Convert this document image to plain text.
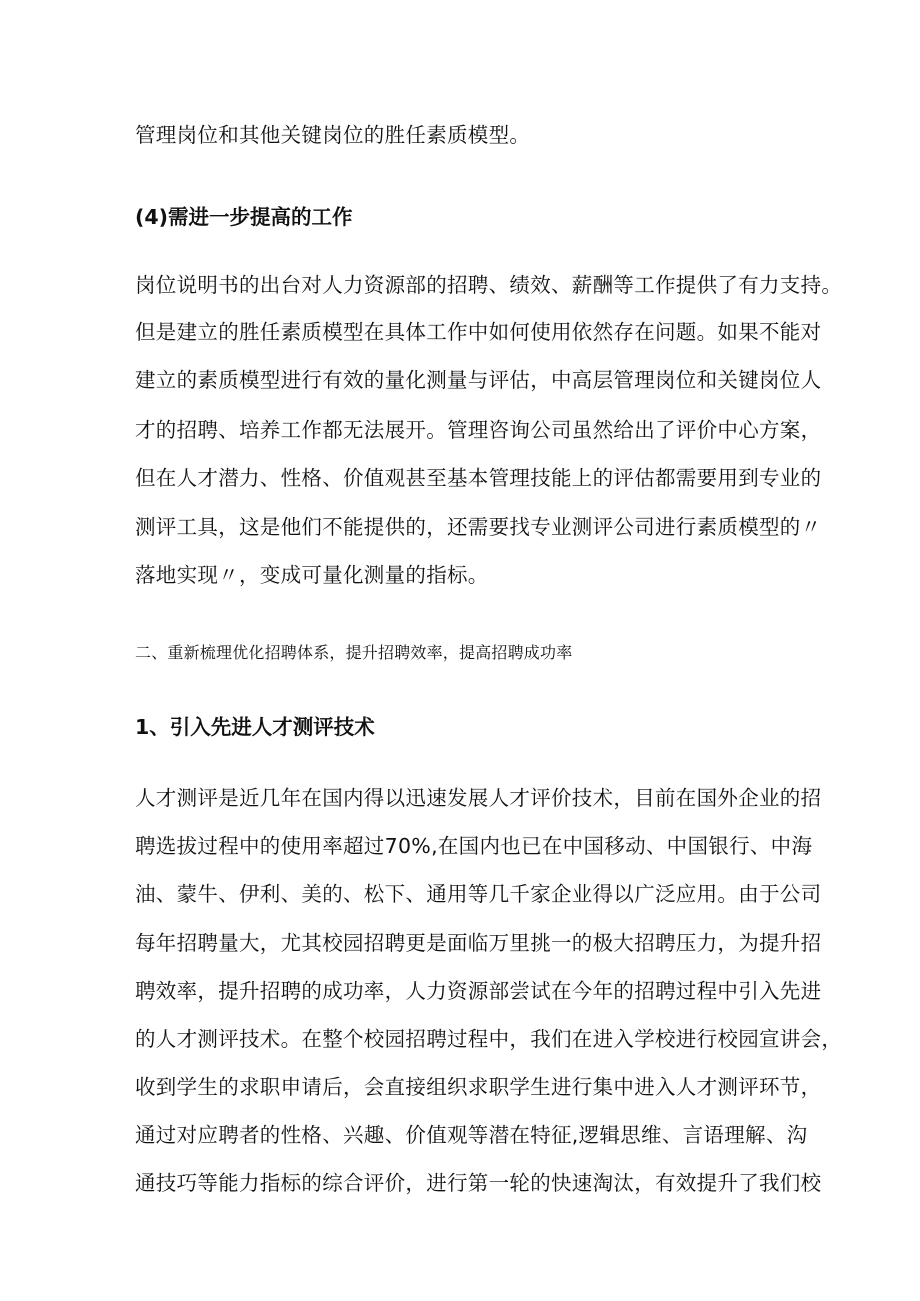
管理岗位和其他关键岗位的胜任素质模型。

(4)需进一步提高的工作

岗位说明书的出台对人力资源部的招聘、绩效、薪酬等工作提供了有力支持。

但是建立的胜任素质模型在具体工作中如何使用依然存在问题。如果不能对

建立的素质模型进行有效的量化测量与评估，中高层管理岗位和关键岗位人

才的招聘、培养工作都无法展开。管理咨询公司虽然给出了评价中心方案，

但在人才潜力、性格、价值观甚至基本管理技能上的评估都需要用到专业的

测评工具，这是他们不能提供的，还需要找专业测评公司进行素质模型的〃

落地实现〃，变成可量化测量的指标。

二、重新梳理优化招聘体系，提升招聘效率，提高招聘成功率

1、引入先进人才测评技术

人才测评是近几年在国内得以迅速发展人才评价技术，目前在国外企业的招

聘选拔过程中的使用率超过70%,在国内也已在中国移动、中国银行、中海

油、蒙牛、伊利、美的、松下、通用等几千家企业得以广泛应用。由于公司

每年招聘量大，尤其校园招聘更是面临万里挑一的极大招聘压力，为提升招

聘效率，提升招聘的成功率，人力资源部尝试在今年的招聘过程中引入先进

的人才测评技术。在整个校园招聘过程中，我们在进入学校进行校园宣讲会，

收到学生的求职申请后，会直接组织求职学生进行集中进入人才测评环节，

通过对应聘者的性格、兴趣、价值观等潜在特征,逻辑思维、言语理解、沟

通技巧等能力指标的综合评价，进行第一轮的快速淘汰，有效提升了我们校
